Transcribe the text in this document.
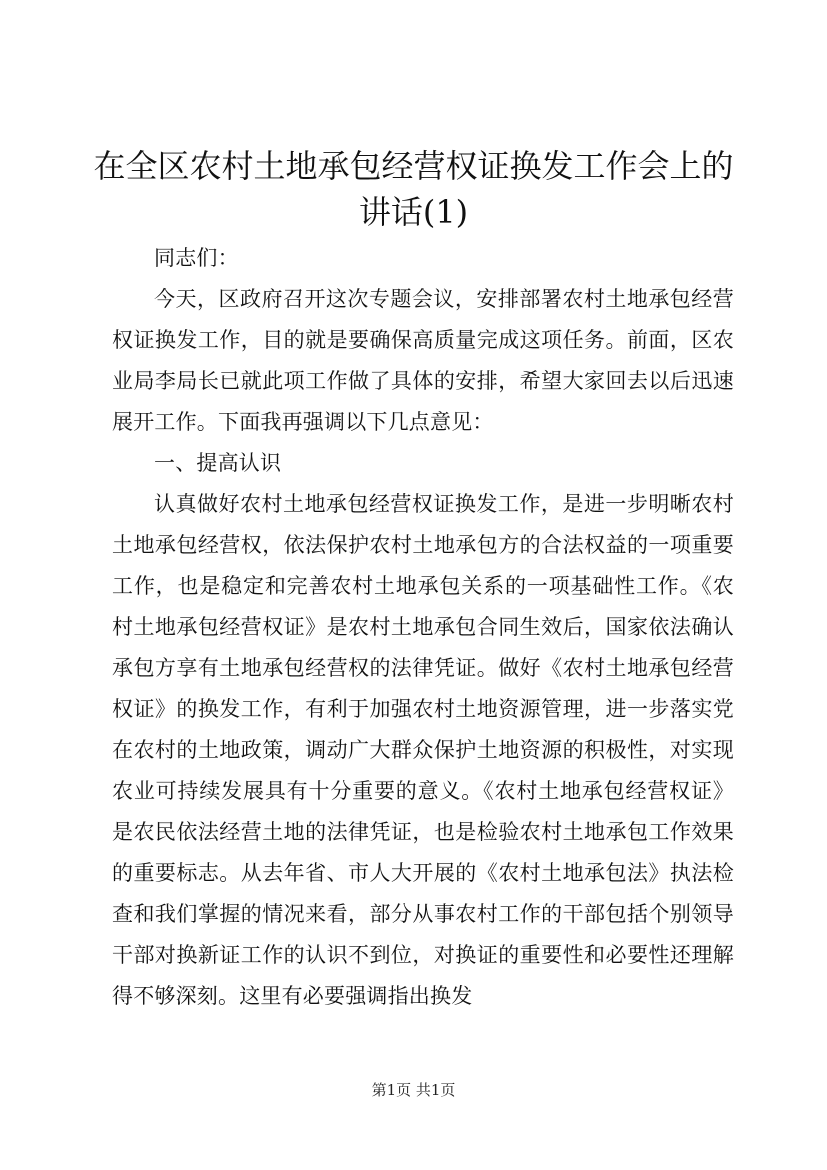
在全区农村土地承包经营权证换发工作会上的讲话(1)

同志们：

今天，区政府召开这次专题会议，安排部署农村土地承包经营权证换发工作，目的就是要确保高质量完成这项任务。前面，区农业局李局长已就此项工作做了具体的安排，希望大家回去以后迅速展开工作。下面我再强调以下几点意见：

一、提高认识

认真做好农村土地承包经营权证换发工作，是进一步明晰农村土地承包经营权，依法保护农村土地承包方的合法权益的一项重要工作，也是稳定和完善农村土地承包关系的一项基础性工作。《农村土地承包经营权证》是农村土地承包合同生效后，国家依法确认承包方享有土地承包经营权的法律凭证。做好《农村土地承包经营权证》的换发工作，有利于加强农村土地资源管理，进一步落实党在农村的土地政策，调动广大群众保护土地资源的积极性，对实现农业可持续发展具有十分重要的意义。《农村土地承包经营权证》是农民依法经营土地的法律凭证，也是检验农村土地承包工作效果的重要标志。从去年省、市人大开展的《农村土地承包法》执法检查和我们掌握的情况来看，部分从事农村工作的干部包括个别领导干部对换新证工作的认识不到位，对换证的重要性和必要性还理解得不够深刻。这里有必要强调指出换发

第1页 共1页
